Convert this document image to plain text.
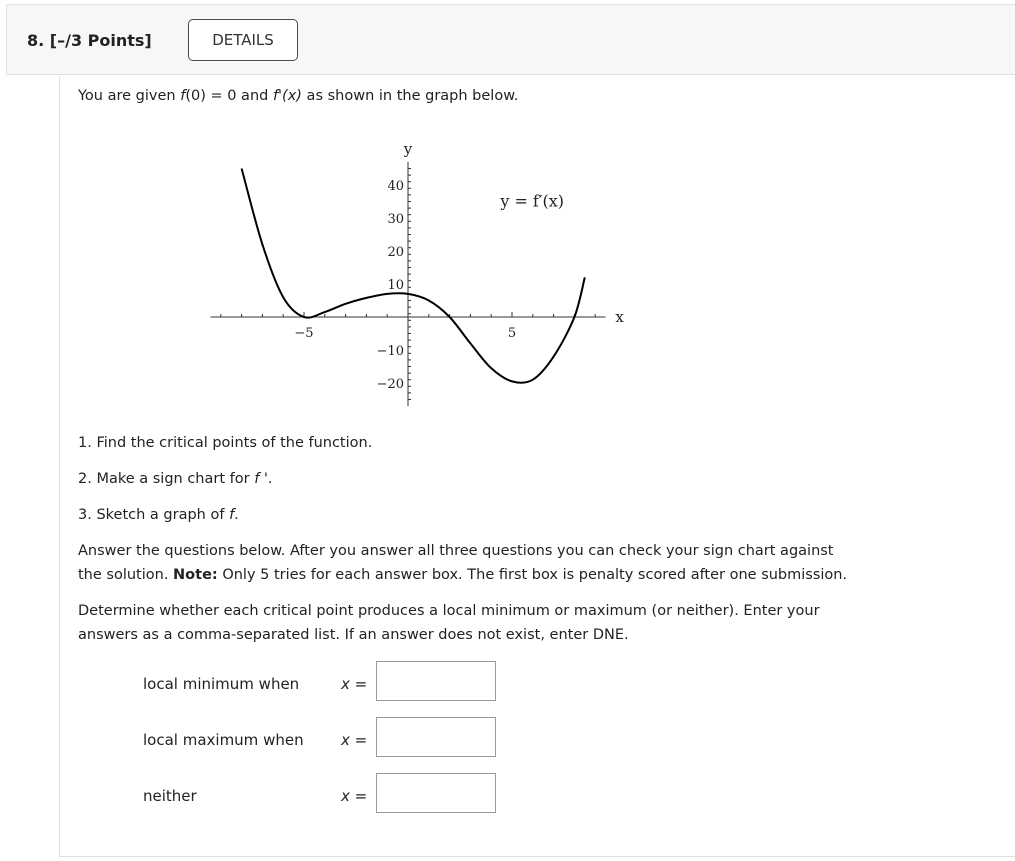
8. [–/3 Points]	DETAILS
You are given f(0) = 0 and f'(x) as shown in the graph below.
−5	5
40
30
20
10
−10
−20
x
y
y = f′(x)
1. Find the critical points of the function.
2. Make a sign chart for f '.
3. Sketch a graph of f.
Answer the questions below. After you answer all three questions you can check your sign chart against
the solution. Note: Only 5 tries for each answer box. The first box is penalty scored after one submission.
Determine whether each critical point produces a local minimum or maximum (or neither). Enter your
answers as a comma-separated list. If an answer does not exist, enter DNE.
local minimum when	x =
local maximum when x =
neither	x =
